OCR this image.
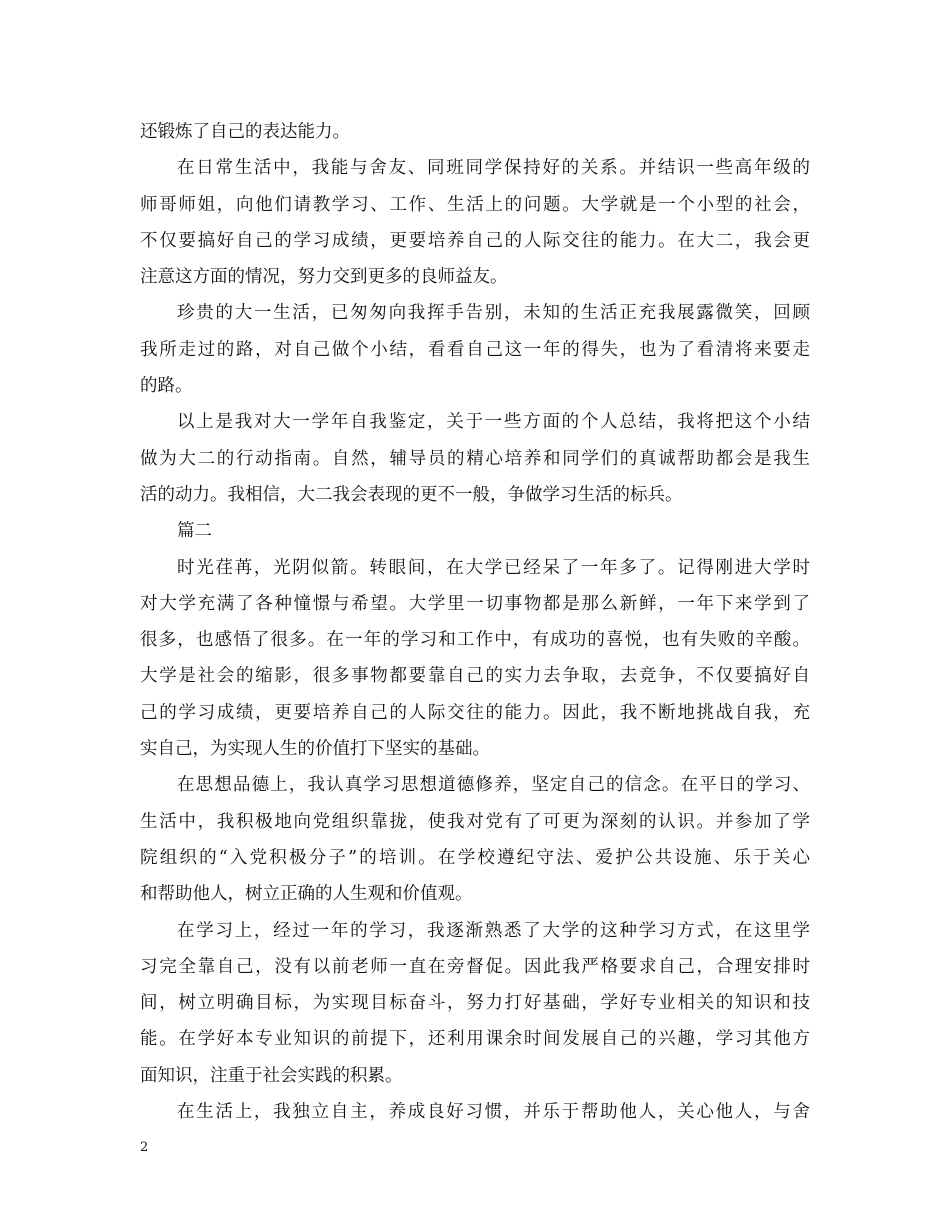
还锻炼了自己的表达能力。
在日常生活中，我能与舍友、同班同学保持好的关系。并结识一些高年级的
师哥师姐，向他们请教学习、工作、生活上的问题。大学就是一个小型的社会，
不仅要搞好自己的学习成绩，更要培养自己的人际交往的能力。在大二，我会更
注意这方面的情况，努力交到更多的良师益友。
珍贵的大一生活，已匆匆向我挥手告别，未知的生活正充我展露微笑，回顾
我所走过的路，对自己做个小结，看看自己这一年的得失，也为了看清将来要走
的路。
以上是我对大一学年自我鉴定，关于一些方面的个人总结，我将把这个小结
做为大二的行动指南。自然，辅导员的精心培养和同学们的真诚帮助都会是我生
活的动力。我相信，大二我会表现的更不一般，争做学习生活的标兵。
篇二
时光荏苒，光阴似箭。转眼间，在大学已经呆了一年多了。记得刚进大学时
对大学充满了各种憧憬与希望。大学里一切事物都是那么新鲜，一年下来学到了
很多，也感悟了很多。在一年的学习和工作中，有成功的喜悦，也有失败的辛酸。
大学是社会的缩影，很多事物都要靠自己的实力去争取，去竞争，不仅要搞好自
己的学习成绩，更要培养自己的人际交往的能力。因此，我不断地挑战自我，充
实自己，为实现人生的价值打下坚实的基础。
在思想品德上，我认真学习思想道德修养，坚定自己的信念。在平日的学习、
生活中，我积极地向党组织靠拢，使我对党有了可更为深刻的认识。并参加了学
院组织的“入党积极分子”的培训。在学校遵纪守法、爱护公共设施、乐于关心
和帮助他人，树立正确的人生观和价值观。
在学习上，经过一年的学习，我逐渐熟悉了大学的这种学习方式，在这里学
习完全靠自己，没有以前老师一直在旁督促。因此我严格要求自己，合理安排时
间，树立明确目标，为实现目标奋斗，努力打好基础，学好专业相关的知识和技
能。在学好本专业知识的前提下，还利用课余时间发展自己的兴趣，学习其他方
面知识，注重于社会实践的积累。
在生活上，我独立自主，养成良好习惯，并乐于帮助他人，关心他人，与舍
2
